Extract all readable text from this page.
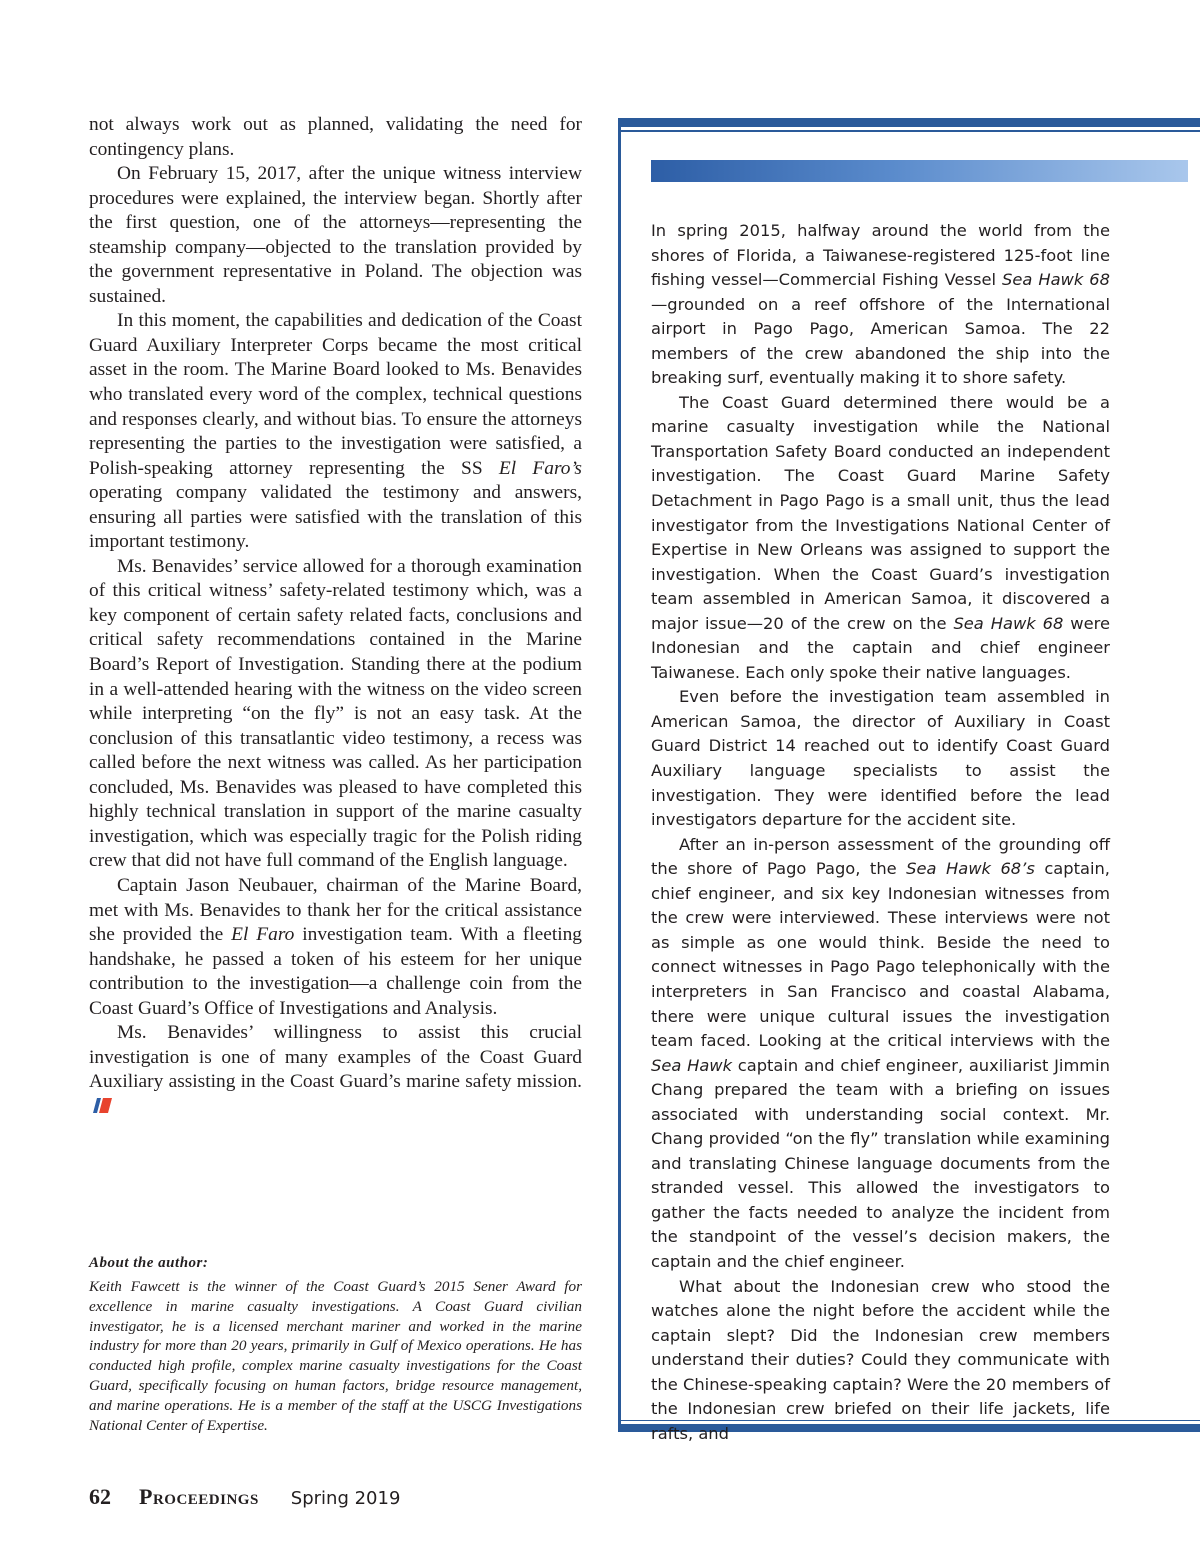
not always work out as planned, validating the need for contingency plans.

On February 15, 2017, after the unique witness interview procedures were explained, the interview began. Shortly after the first question, one of the attorneys—representing the steamship company—objected to the translation provided by the government representative in Poland. The objection was sustained.

In this moment, the capabilities and dedication of the Coast Guard Auxiliary Interpreter Corps became the most critical asset in the room. The Marine Board looked to Ms. Benavides who translated every word of the complex, technical questions and responses clearly, and without bias. To ensure the attorneys representing the parties to the investigation were satisfied, a Polish-speaking attorney representing the SS El Faro’s operating company validated the testimony and answers, ensuring all parties were satisfied with the translation of this important testimony.

Ms. Benavides’ service allowed for a thorough examination of this critical witness’ safety-related testimony which, was a key component of certain safety related facts, conclusions and critical safety recommendations contained in the Marine Board’s Report of Investigation. Standing there at the podium in a well-attended hearing with the witness on the video screen while interpreting “on the fly” is not an easy task. At the conclusion of this transatlantic video testimony, a recess was called before the next witness was called. As her participation concluded, Ms. Benavides was pleased to have completed this highly technical translation in support of the marine casualty investigation, which was especially tragic for the Polish riding crew that did not have full command of the English language.

Captain Jason Neubauer, chairman of the Marine Board, met with Ms. Benavides to thank her for the critical assistance she provided the El Faro investigation team. With a fleeting handshake, he passed a token of his esteem for her unique contribution to the investigation—a challenge coin from the Coast Guard’s Office of Investigations and Analysis.

Ms. Benavides’ willingness to assist this crucial investigation is one of many examples of the Coast Guard Auxiliary assisting in the Coast Guard’s marine safety mission.

About the author:
Keith Fawcett is the winner of the Coast Guard’s 2015 Sener Award for excellence in marine casualty investigations. A Coast Guard civilian investigator, he is a licensed merchant mariner and worked in the marine industry for more than 20 years, primarily in Gulf of Mexico operations. He has conducted high profile, complex marine casualty investigations for the Coast Guard, specifically focusing on human factors, bridge resource management, and marine operations. He is a member of the staff at the USCG Investigations National Center of Expertise.

In spring 2015, halfway around the world from the shores of Florida, a Taiwanese-registered 125-foot line fishing vessel—Commercial Fishing Vessel Sea Hawk 68—grounded on a reef offshore of the International airport in Pago Pago, American Samoa. The 22 members of the crew abandoned the ship into the breaking surf, eventually making it to shore safety.

The Coast Guard determined there would be a marine casualty investigation while the National Transportation Safety Board conducted an independent investigation. The Coast Guard Marine Safety Detachment in Pago Pago is a small unit, thus the lead investigator from the Investigations National Center of Expertise in New Orleans was assigned to support the investigation. When the Coast Guard’s investigation team assembled in American Samoa, it discovered a major issue—20 of the crew on the Sea Hawk 68 were Indonesian and the captain and chief engineer Taiwanese. Each only spoke their native languages.

Even before the investigation team assembled in American Samoa, the director of Auxiliary in Coast Guard District 14 reached out to identify Coast Guard Auxiliary language specialists to assist the investigation. They were identified before the lead investigators departure for the accident site.

After an in-person assessment of the grounding off the shore of Pago Pago, the Sea Hawk 68’s captain, chief engineer, and six key Indonesian witnesses from the crew were interviewed. These interviews were not as simple as one would think. Beside the need to connect witnesses in Pago Pago telephonically with the interpreters in San Francisco and coastal Alabama, there were unique cultural issues the investigation team faced. Looking at the critical interviews with the Sea Hawk captain and chief engineer, auxiliarist Jimmin Chang prepared the team with a briefing on issues associated with understanding social context. Mr. Chang provided “on the fly” translation while examining and translating Chinese language documents from the stranded vessel. This allowed the investigators to gather the facts needed to analyze the incident from the standpoint of the vessel’s decision makers, the captain and the chief engineer.

What about the Indonesian crew who stood the watches alone the night before the accident while the captain slept? Did the Indonesian crew members understand their duties? Could they communicate with the Chinese-speaking captain? Were the 20 members of the Indonesian crew briefed on their life jackets, life rafts, and

62 Proceedings Spring 2019
